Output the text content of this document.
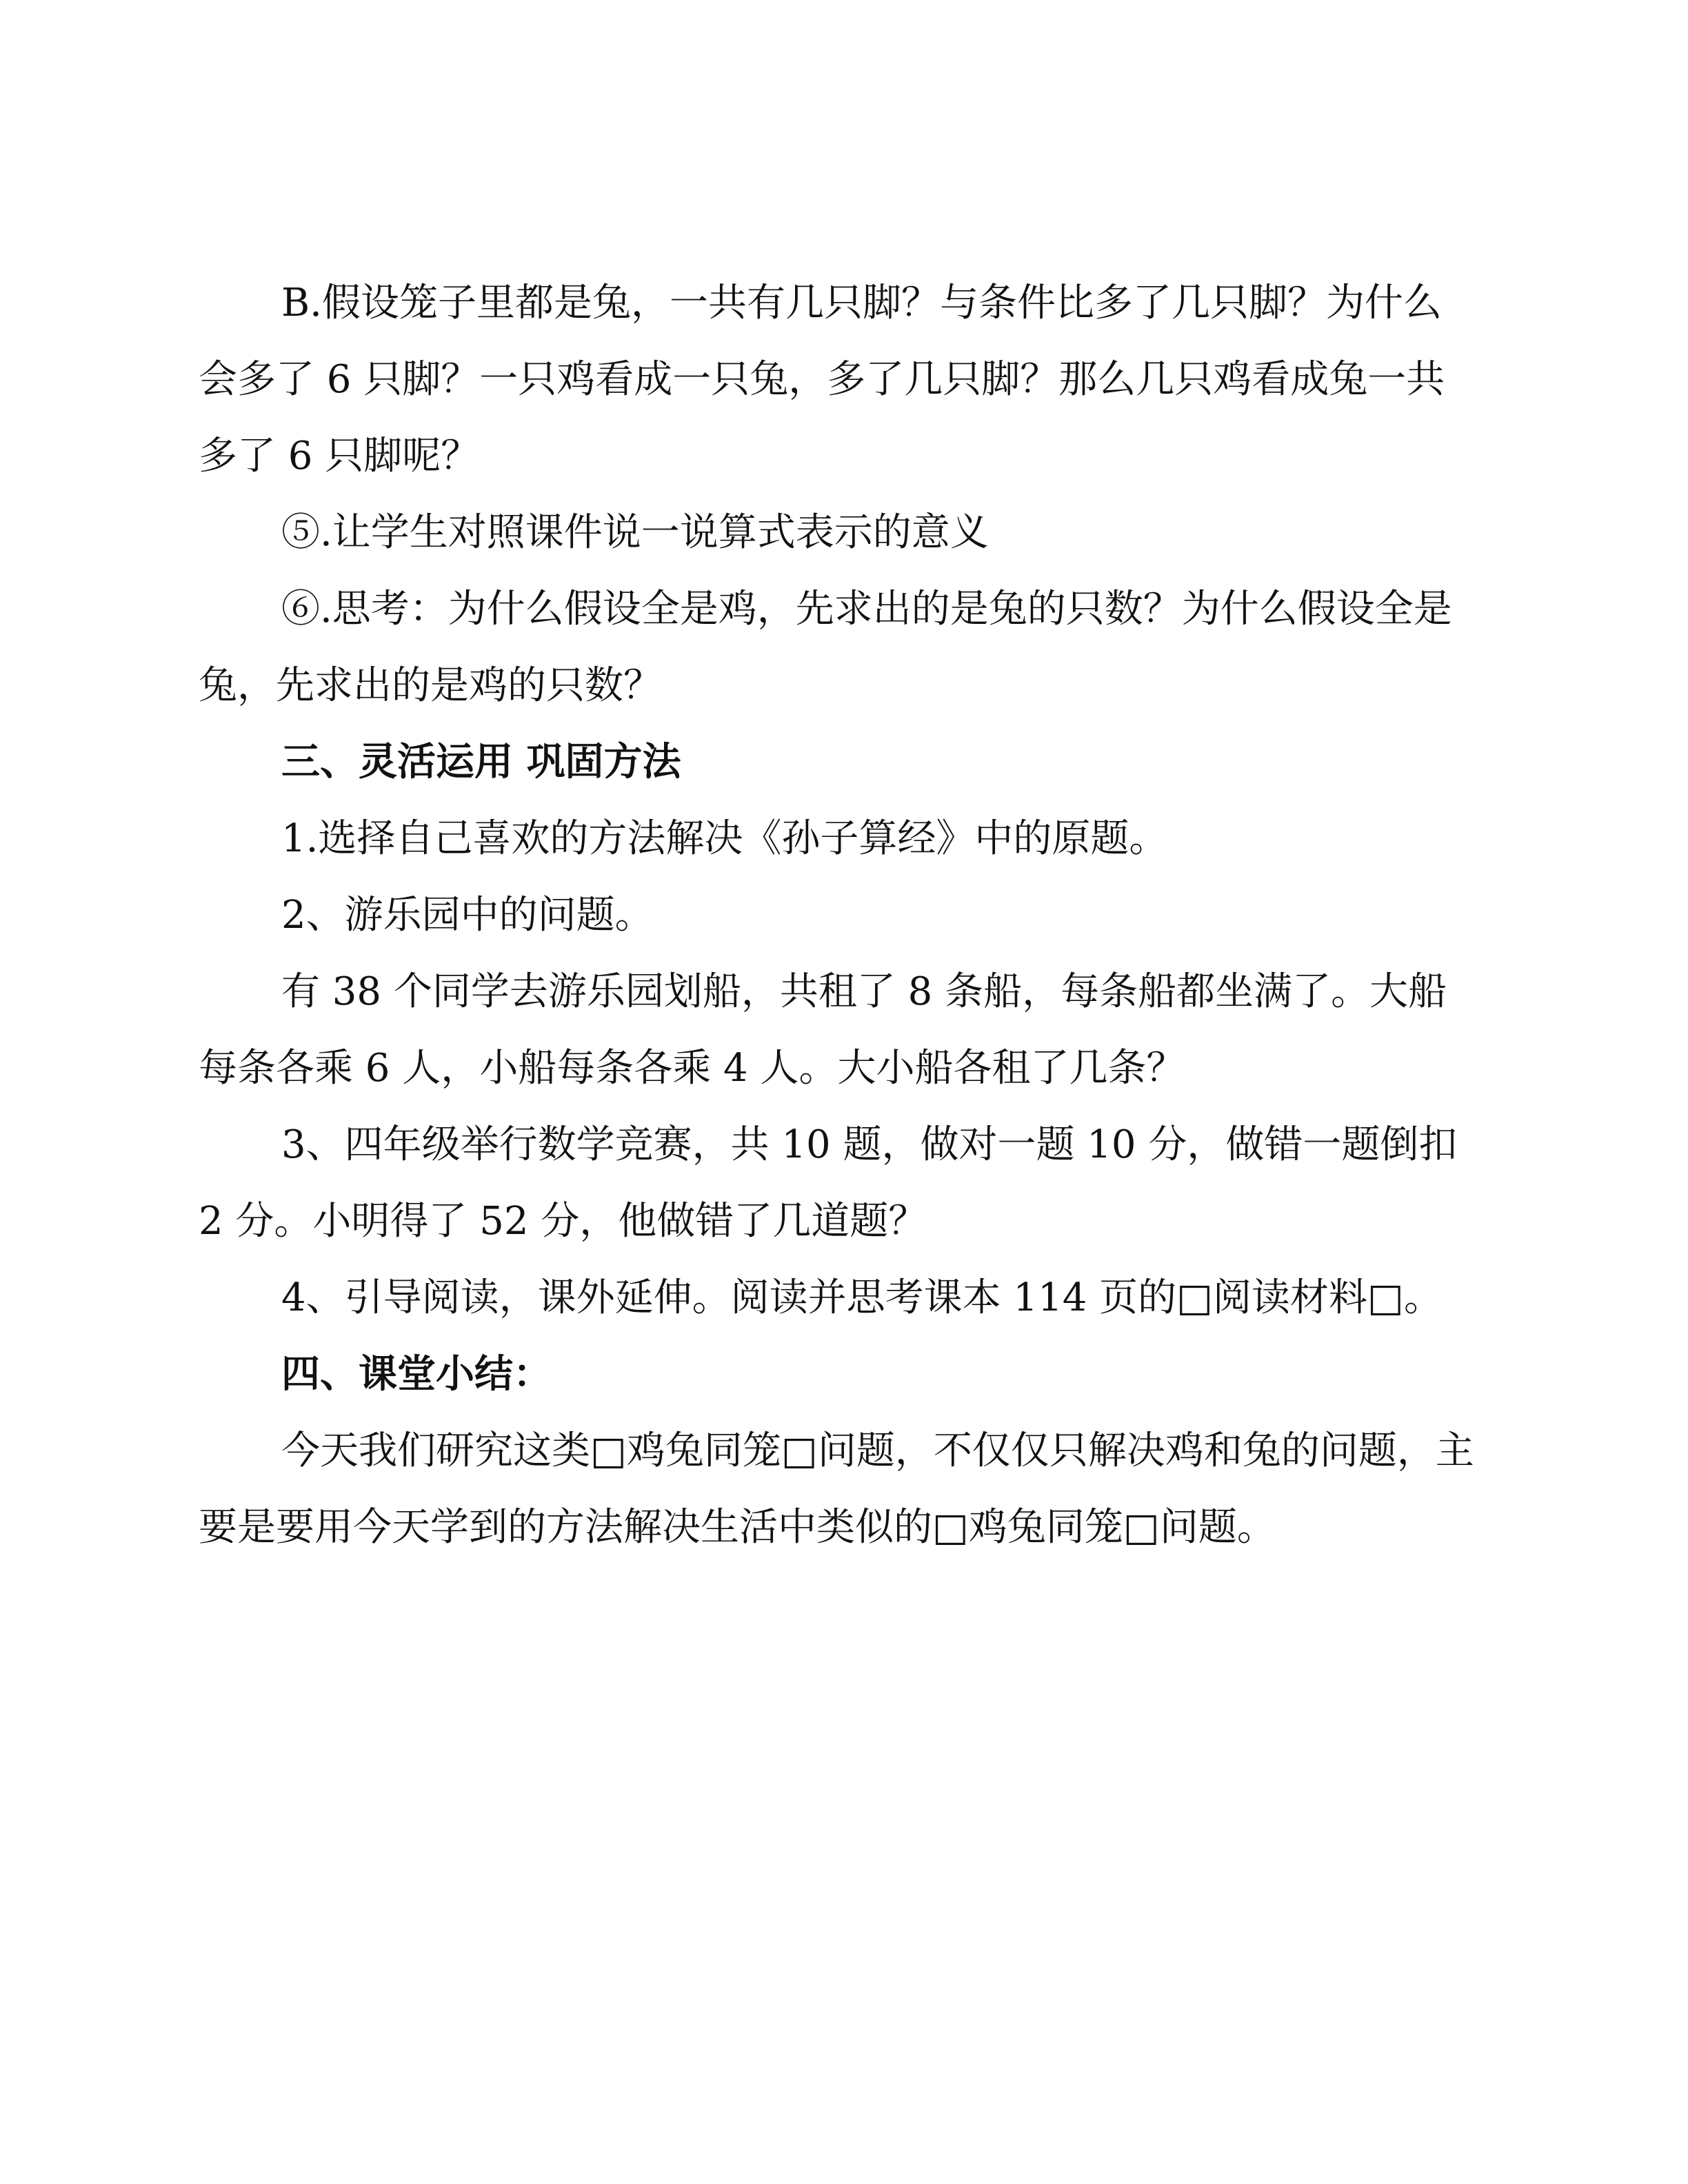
B.假设笼子里都是兔，一共有几只脚？与条件比多了几只脚？为什么会多了 6 只脚？一只鸡看成一只兔，多了几只脚？那么几只鸡看成兔一共多了 6 只脚呢？

⑤.让学生对照课件说一说算式表示的意义

⑥.思考：为什么假设全是鸡，先求出的是兔的只数？为什么假设全是兔，先求出的是鸡的只数？

三、灵活运用 巩固方法

1.选择自己喜欢的方法解决《孙子算经》中的原题。

2、游乐园中的问题。

有 38 个同学去游乐园划船，共租了 8 条船，每条船都坐满了。大船每条各乘 6 人，小船每条各乘 4 人。大小船各租了几条？

3、四年级举行数学竞赛，共 10 题，做对一题 10 分，做错一题倒扣 2 分。小明得了 52 分，他做错了几道题？

4、引导阅读，课外延伸。阅读并思考课本 114 页的□阅读材料□。

四、课堂小结：

今天我们研究这类□鸡兔同笼□问题，不仅仅只解决鸡和兔的问题，主要是要用今天学到的方法解决生活中类似的□鸡兔同笼□问题。
